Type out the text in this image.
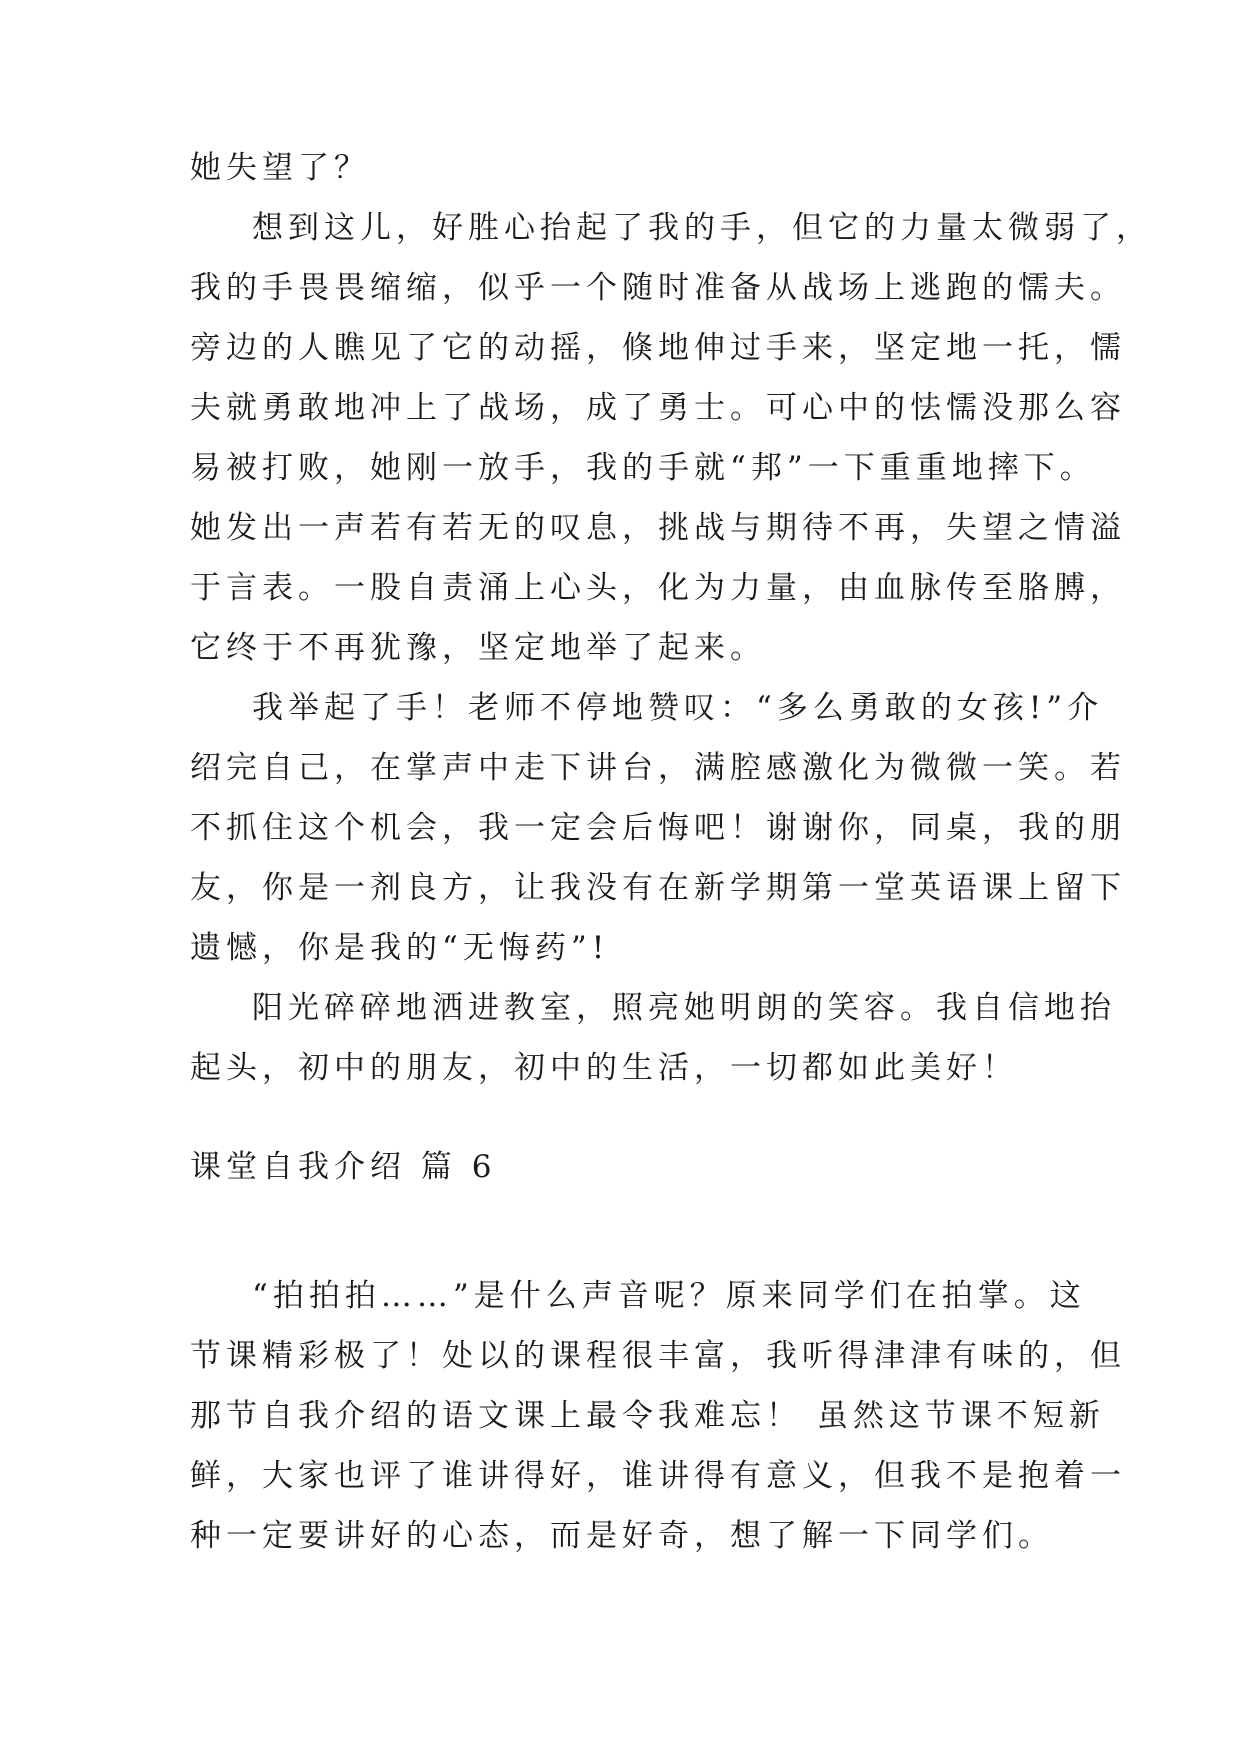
她失望了？
想到这儿，好胜心抬起了我的手，但它的力量太微弱了，
我的手畏畏缩缩，似乎一个随时准备从战场上逃跑的懦夫。
旁边的人瞧见了它的动摇，倏地伸过手来，坚定地一托，懦
夫就勇敢地冲上了战场，成了勇士。可心中的怯懦没那么容
易被打败，她刚一放手，我的手就“邦”一下重重地摔下。
她发出一声若有若无的叹息，挑战与期待不再，失望之情溢
于言表。一股自责涌上心头，化为力量，由血脉传至胳膊，
它终于不再犹豫，坚定地举了起来。
我举起了手！老师不停地赞叹：“多么勇敢的女孩!”介
绍完自己，在掌声中走下讲台，满腔感激化为微微一笑。若
不抓住这个机会，我一定会后悔吧！谢谢你，同桌，我的朋
友，你是一剂良方，让我没有在新学期第一堂英语课上留下
遗憾，你是我的“无悔药”!
阳光碎碎地洒进教室，照亮她明朗的笑容。我自信地抬
起头，初中的朋友，初中的生活，一切都如此美好！
课堂自我介绍 篇 6
“拍拍拍……”是什么声音呢？原来同学们在拍掌。这
节课精彩极了！处以的课程很丰富，我听得津津有味的，但
那节自我介绍的语文课上最令我难忘！ 虽然这节课不短新
鲜，大家也评了谁讲得好，谁讲得有意义，但我不是抱着一
种一定要讲好的心态，而是好奇，想了解一下同学们。
